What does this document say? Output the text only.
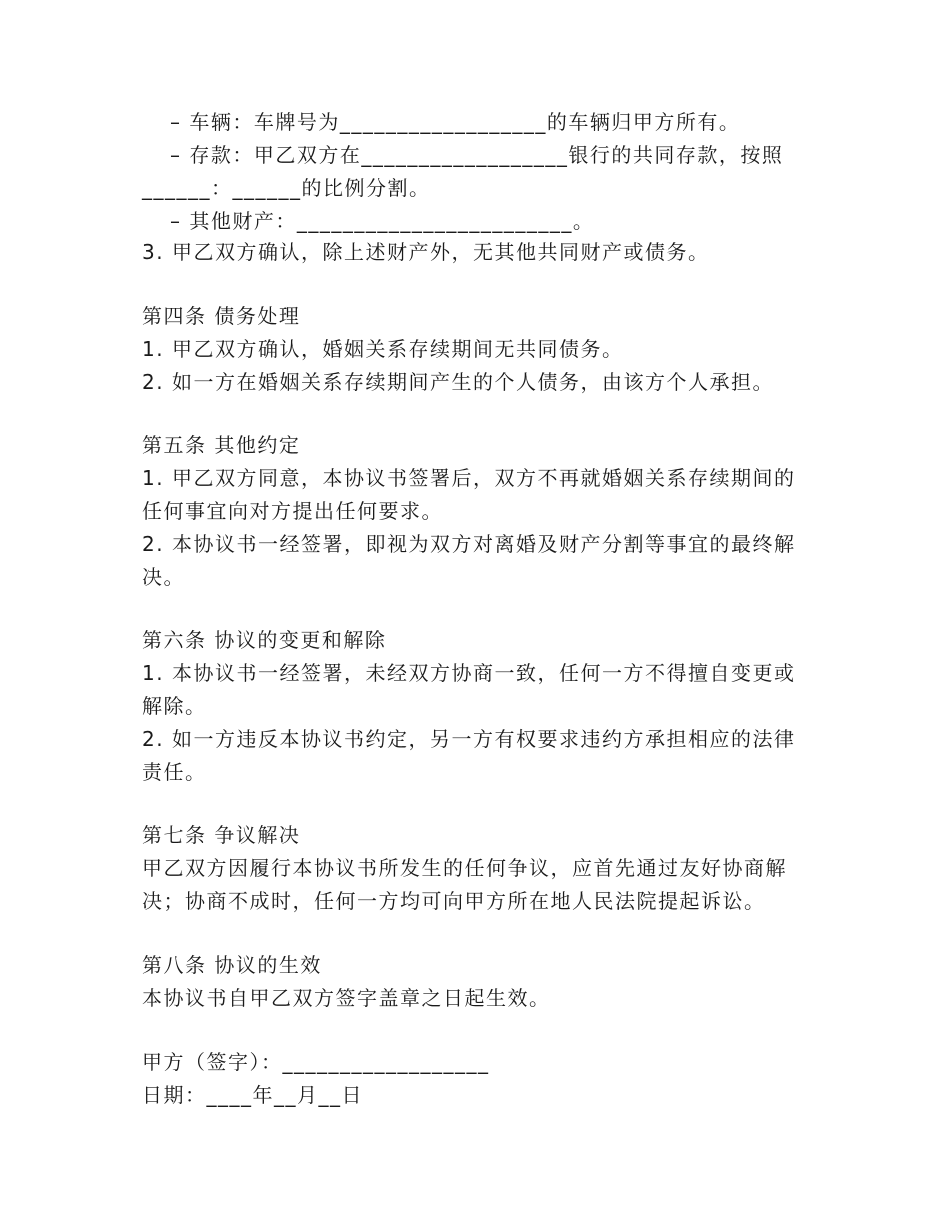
– 车辆：车牌号为__________________的车辆归甲方所有。
– 存款：甲乙双方在__________________银行的共同存款，按照
______：______的比例分割。
– 其他财产：________________________。
3. 甲乙双方确认，除上述财产外，无其他共同财产或债务。
第四条 债务处理
1. 甲乙双方确认，婚姻关系存续期间无共同债务。
2. 如一方在婚姻关系存续期间产生的个人债务，由该方个人承担。
第五条 其他约定
1. 甲乙双方同意，本协议书签署后，双方不再就婚姻关系存续期间的
任何事宜向对方提出任何要求。
2. 本协议书一经签署，即视为双方对离婚及财产分割等事宜的最终解
决。
第六条 协议的变更和解除
1. 本协议书一经签署，未经双方协商一致，任何一方不得擅自变更或
解除。
2. 如一方违反本协议书约定，另一方有权要求违约方承担相应的法律
责任。
第七条 争议解决
甲乙双方因履行本协议书所发生的任何争议，应首先通过友好协商解
决；协商不成时，任何一方均可向甲方所在地人民法院提起诉讼。
第八条 协议的生效
本协议书自甲乙双方签字盖章之日起生效。
甲方（签字）：__________________
日期：____年__月__日
